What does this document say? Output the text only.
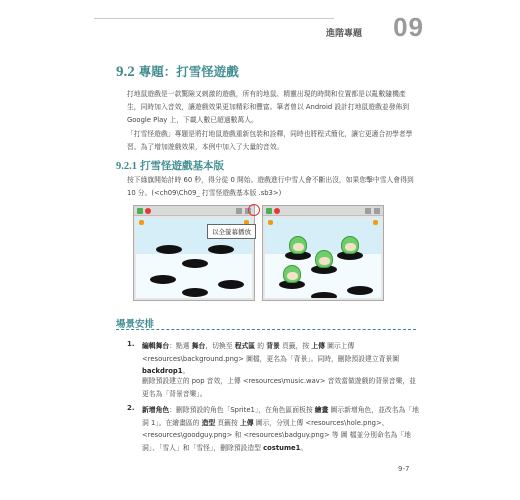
進階專題 09
9.2 專題：打雪怪遊戲

打地鼠遊戲是一款驚險又刺激的遊戲，所有的地鼠、精靈出現的時間和位置都是以亂數隨機產生，同時加入音效，讓遊戲效果更加精彩和豐富。筆者曾以 Android 設計打地鼠遊戲並發佈到 Google Play 上，下載人數已超過數萬人。

「打雪怪遊戲」專題是將打地鼠遊戲重新包裝和詮釋，同時也將程式簡化，讓它更適合初學者學習。為了增加遊戲效果，本例中加入了大量的音效。

9.2.1 打雪怪遊戲基本版

按下綠旗開始計時 60 秒，得分從 0 開始。遊戲進行中雪人會不斷出沒，如果您擊中雪人會得到 10 分。(<ch09\Ch09_ 打雪怪遊戲基本版 .sb3>)

以全螢幕播放

場景安排
1. 編輯舞台：點選 舞台，切換至 程式區 的 背景 頁籤，按 上傳 圖示上傳 <resources\background.png> 圖檔，更名為「背景」。同時，刪除預設建立背景圖 backdrop1。

刪除預設建立的 pop 音效，上傳 <resources\music.wav> 音效當做遊戲的背景音樂，並更名為「背景音樂」。

2. 新增角色：刪除預設的角色「Sprite1」，在角色區面板按 繪畫 圖示新增角色，並改名為「地洞 1」。在繪畫區的 造型 頁籤按 上傳 圖示，分別上傳 <resources\hole.png>、<resources\goodguy.png> 和 <resources\badguy.png> 等 圖 檔並分別命名為「地洞」、「雪人」和「雪怪」，刪除預設造型 costume1。

9-7
